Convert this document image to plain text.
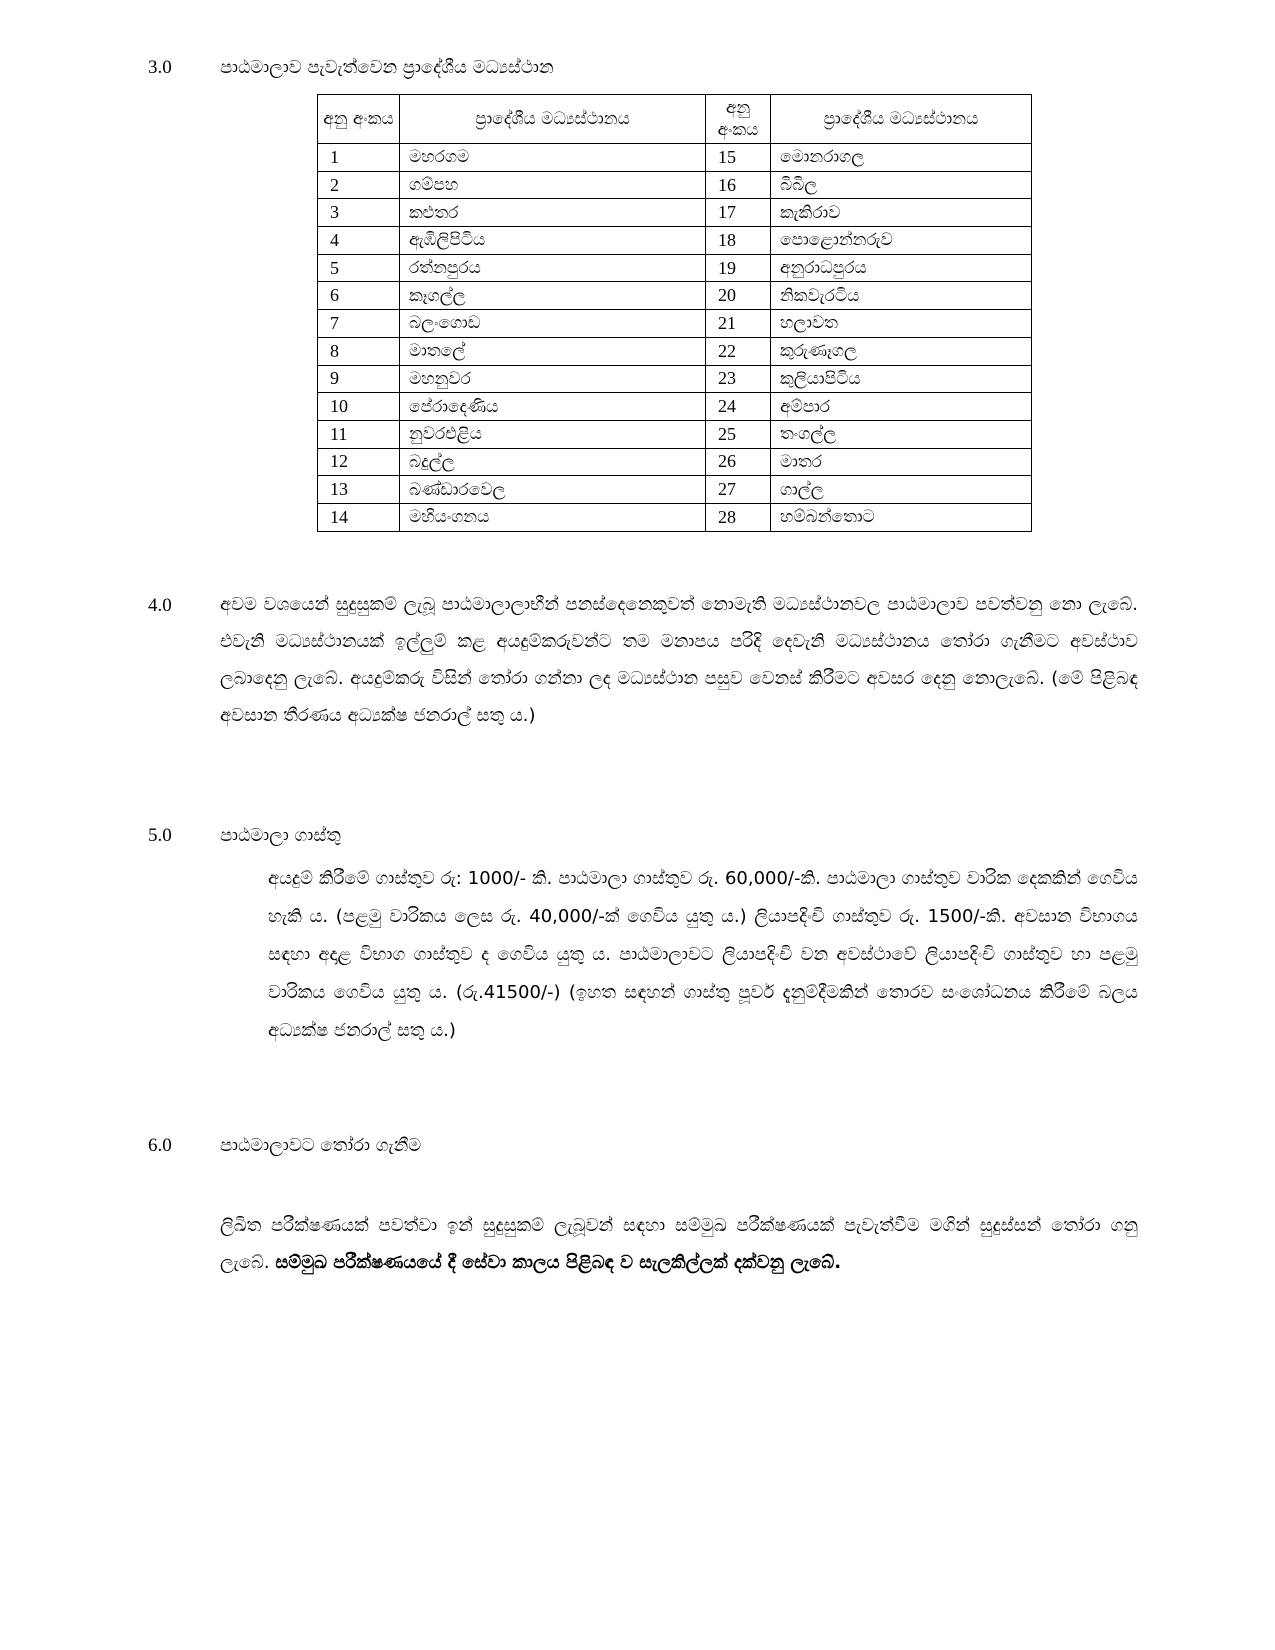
3.0	පාඨමාලාව පැවැත්වෙන ප්‍රාදේශීය මධ්‍යස්ථාන
අනු අංකය	ප්‍රාදේශීය මධ්‍යස්ථානය	අනු අංකය	ප්‍රාදේශීය මධ්‍යස්ථානය
1	මහරගම	15	මොනරාගල
2	ගම්පහ	16	බිබිල
3	කළුතර	17	කැකිරාව
4	ඇඹිලිපිටිය	18	පොළොන්නරුව
5	රත්නපුරය	19	අනුරාධපුරය
6	කෑගල්ල	20	නිකවැරටිය
7	බලංගොඩ	21	හලාවත
8	මාතලේ	22	කුරුණෑගල
9	මහනුවර	23	කුලියාපිටිය
10	පේරාදෙණිය	24	අම්පාර
11	නුවරඑළිය	25	තංගල්ල
12	බදුල්ල	26	මාතර
13	බණ්ඩාරවෙල	27	ගාල්ල
14	මහියංගනය	28	හම්බන්තොට
4.0	අවම වශයෙන් සුදුසුකම් ලැබූ පාඨමාලාලාභීන් පනස්දෙනෙකුවත් නොමැති මධ්‍යස්ථානවල පාඨමාලාව පවත්වනු නො ලැබේ. එවැනි මධ්‍යස්ථානයක් ඉල්ලුම් කළ අයදුම්කරුවන්ට තම මනාපය පරිදි දෙවැනි මධ්‍යස්ථානය තෝරා ගැනීමට අවස්ථාව ලබාදෙනු ලැබේ. අයදුම්කරු විසින් තෝරා ගන්නා ලද මධ්‍යස්ථාන පසුව වෙනස් කිරීමට අවසර දෙනු නොලැබේ. (මේ පිළිබඳ අවසාන තීරණය අධ්‍යක්ෂ ජනරාල් සතු ය.)

5.0	පාඨමාලා ගාස්තු

අයදුම් කිරීමේ ගාස්තුව රු: 1000/- කි. පාඨමාලා ගාස්තුව රු. 60,000/-කි. පාඨමාලා ගාස්තුව වාරික දෙකකින් ගෙවිය හැකි ය. (පළමු වාරිකය ලෙස රු. 40,000/-ක් ගෙවිය යුතු ය.) ලියාපදිංචි ගාස්තුව රු. 1500/-කි. අවසාන විභාගය සඳහා අදාළ විභාග ගාස්තුව ද ගෙවිය යුතු ය. පාඨමාලාවට ලියාපදිංචි වන අවස්ථාවේ ලියාපදිංචි ගාස්තුව හා පළමු වාරිකය ගෙවිය යුතු ය. (රු.41500/-) (ඉහත සඳහන් ගාස්තු පූර්ව දැනුම්දීමකින් තොරව සංශෝධනය කිරීමේ බලය අධ්‍යක්ෂ ජනරාල් සතු ය.)

6.0	පාඨමාලාවට තෝරා ගැනීම

ලිඛිත පරීක්ෂණයක් පවත්වා ඉන් සුදුසුකම් ලැබූවන් සඳහා සම්මුඛ පරීක්ෂණයක් පැවැත්වීම මගින් සුදුස්සන් තෝරා ගනු ලැබේ. සම්මුඛ පරීක්ෂණයයේ දී සේවා කාලය පිළිබඳ ව සැලකිල්ලක් දක්වනු ලැබේ.
